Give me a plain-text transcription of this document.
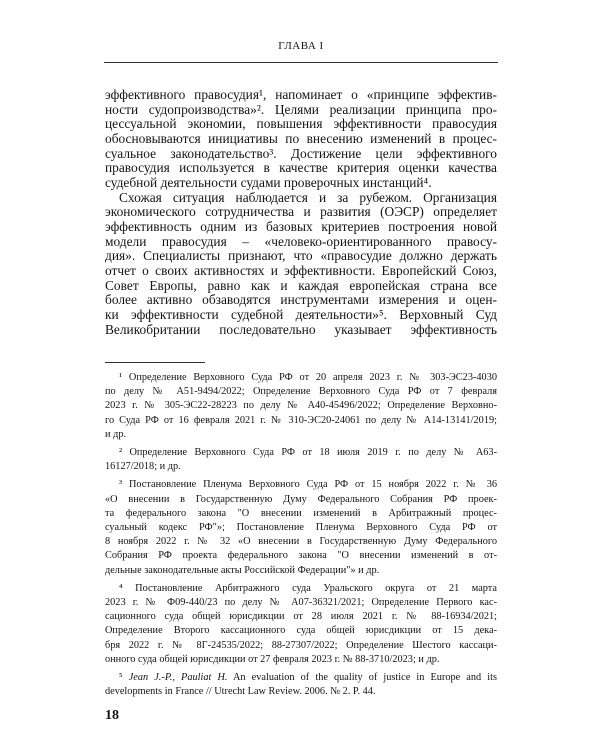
ГЛАВА I
эффективного правосудия¹, напоминает о «принципе эффектив-
ности судопроизводства»². Целями реализации принципа про-
цессуальной экономии, повышения эффективности правосудия
обосновываются инициативы по внесению изменений в процес-
суальное законодательство³. Достижение цели эффективного
правосудия используется в качестве критерия оценки качества
судебной деятельности судами проверочных инстанций⁴.
Схожая ситуация наблюдается и за рубежом. Организация
экономического сотрудничества и развития (ОЭСР) определяет
эффективность одним из базовых критериев построения новой
модели правосудия – «человеко-ориентированного правосу-
дия». Специалисты признают, что «правосудие должно держать
отчет о своих активностях и эффективности. Европейский Союз,
Совет Европы, равно как и каждая европейская страна все
более активно обзаводятся инструментами измерения и оцен-
ки эффективности судебной деятельности»⁵. Верховный Суд
Великобритании последовательно указывает эффективность
¹ Определение Верховного Суда РФ от 20 апреля 2023 г. № 303-ЭС23-4030
по делу № А51-9494/2022; Определение Верховного Суда РФ от 7 февраля
2023 г. № 305-ЭС22-28223 по делу № А40-45496/2022; Определение Верховно-
го Суда РФ от 16 февраля 2021 г. № 310-ЭС20-24061 по делу № А14-13141/2019;
и др.
² Определение Верховного Суда РФ от 18 июля 2019 г. по делу № А63-
16127/2018; и др.
³ Постановление Пленума Верховного Суда РФ от 15 ноября 2022 г. № 36
«О внесении в Государственную Думу Федерального Собрания РФ проек-
та федерального закона "О внесении изменений в Арбитражный процес-
суальный кодекс РФ"»; Постановление Пленума Верховного Суда РФ от
8 ноября 2022 г. № 32 «О внесении в Государственную Думу Федерального
Собрания РФ проекта федерального закона "О внесении изменений в от-
дельные законодательные акты Российской Федерации"» и др.
⁴ Постановление Арбитражного суда Уральского округа от 21 марта
2023 г. № Ф09-440/23 по делу № А07-36321/2021; Определение Первого кас-
сационного суда общей юрисдикции от 28 июля 2021 г. № 88-16934/2021;
Определение Второго кассационного суда общей юрисдикции от 15 дека-
бря 2022 г. № 8Г-24535/2022; 88-27307/2022; Определение Шестого кассаци-
онного суда общей юрисдикции от 27 февраля 2023 г. № 88-3710/2023; и др.
⁵ Jean J.-P., Pauliat H. An evaluation of the quality of justice in Europe and its
developments in France // Utrecht Law Review. 2006. № 2. P. 44.
18
